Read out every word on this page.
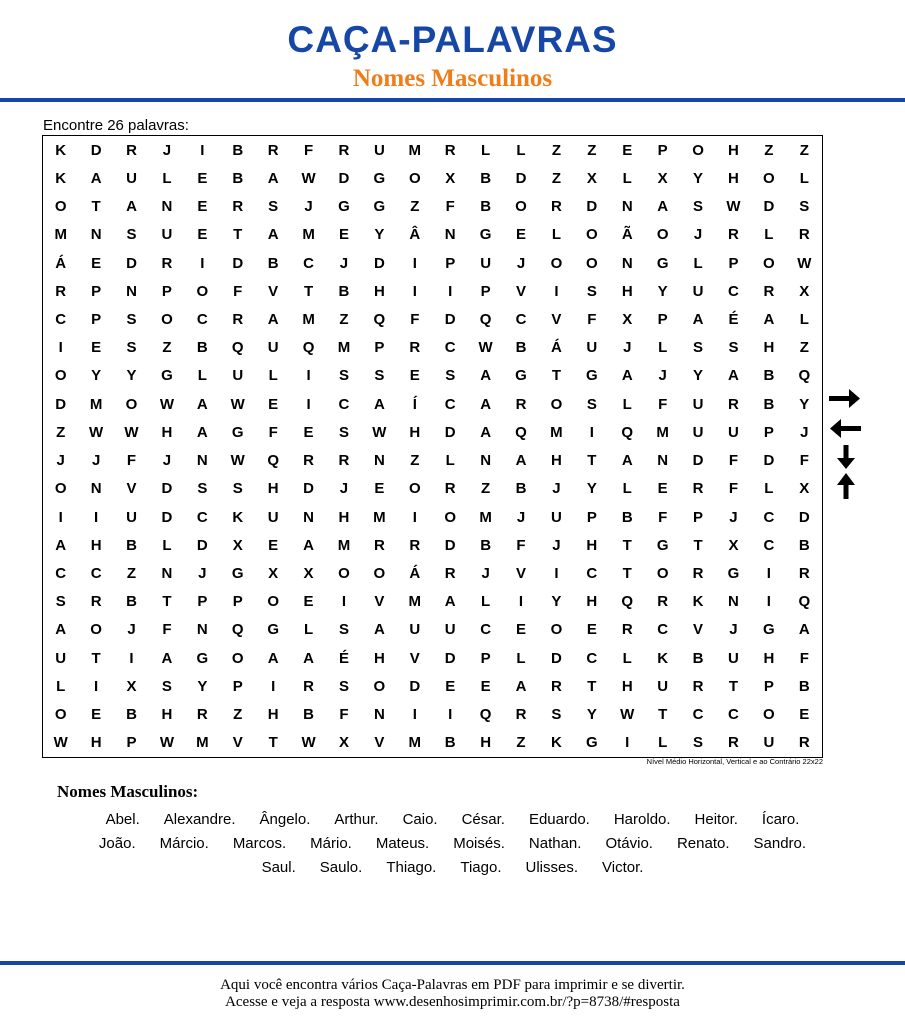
CAÇA-PALAVRAS
Nomes Masculinos
Encontre 26 palavras:
K	D	R	J	I	B	R	F	R	U	M	R	L	L	Z	Z	E	P	O	H	Z	Z
K	A	U	L	E	B	A	W	D	G	O	X	B	D	Z	X	L	X	Y	H	O	L
O	T	A	N	E	R	S	J	G	G	Z	F	B	O	R	D	N	A	S	W	D	S
M	N	S	U	E	T	A	M	E	Y	Â	N	G	E	L	O	Ã	O	J	R	L	R
Á	E	D	R	I	D	B	C	J	D	I	P	U	J	O	O	N	G	L	P	O	W
R	P	N	P	O	F	V	T	B	H	I	I	P	V	I	S	H	Y	U	C	R	X
C	P	S	O	C	R	A	M	Z	Q	F	D	Q	C	V	F	X	P	A	É	A	L
I	E	S	Z	B	Q	U	Q	M	P	R	C	W	B	Á	U	J	L	S	S	H	Z
O	Y	Y	G	L	U	L	I	S	S	E	S	A	G	T	G	A	J	Y	A	B	Q
D	M	O	W	A	W	E	I	C	A	Í	C	A	R	O	S	L	F	U	R	B	Y
Z	W	W	H	A	G	F	E	S	W	H	D	A	Q	M	I	Q	M	U	U	P	J
J	J	F	J	N	W	Q	R	R	N	Z	L	N	A	H	T	A	N	D	F	D	F
O	N	V	D	S	S	H	D	J	E	O	R	Z	B	J	Y	L	E	R	F	L	X
I	I	U	D	C	K	U	N	H	M	I	O	M	J	U	P	B	F	P	J	C	D
A	H	B	L	D	X	E	A	M	R	R	D	B	F	J	H	T	G	T	X	C	B
C	C	Z	N	J	G	X	X	O	O	Á	R	J	V	I	C	T	O	R	G	I	R
S	R	B	T	P	P	O	E	I	V	M	A	L	I	Y	H	Q	R	K	N	I	Q
A	O	J	F	N	Q	G	L	S	A	U	U	C	E	O	E	R	C	V	J	G	A
U	T	I	A	G	O	A	A	É	H	V	D	P	L	D	C	L	K	B	U	H	F
L	I	X	S	Y	P	I	R	S	O	D	E	E	A	R	T	H	U	R	T	P	B
O	E	B	H	R	Z	H	B	F	N	I	I	Q	R	S	Y	W	T	C	C	O	E
W	H	P	W	M	V	T	W	X	V	M	B	H	Z	K	G	I	L	S	R	U	R
Nível Médio Horizontal, Vertical e ao Contrário 22x22
Nomes Masculinos:
Abel. Alexandre. Ângelo. Arthur. Caio. César. Eduardo. Haroldo. Heitor. Ícaro.
João. Márcio. Marcos. Mário. Mateus. Moisés. Nathan. Otávio. Renato. Sandro.
Saul. Saulo. Thiago. Tiago. Ulisses. Victor.
Aqui você encontra vários Caça-Palavras em PDF para imprimir e se divertir.
Acesse e veja a resposta www.desenhosimprimir.com.br/?p=8738/#resposta
